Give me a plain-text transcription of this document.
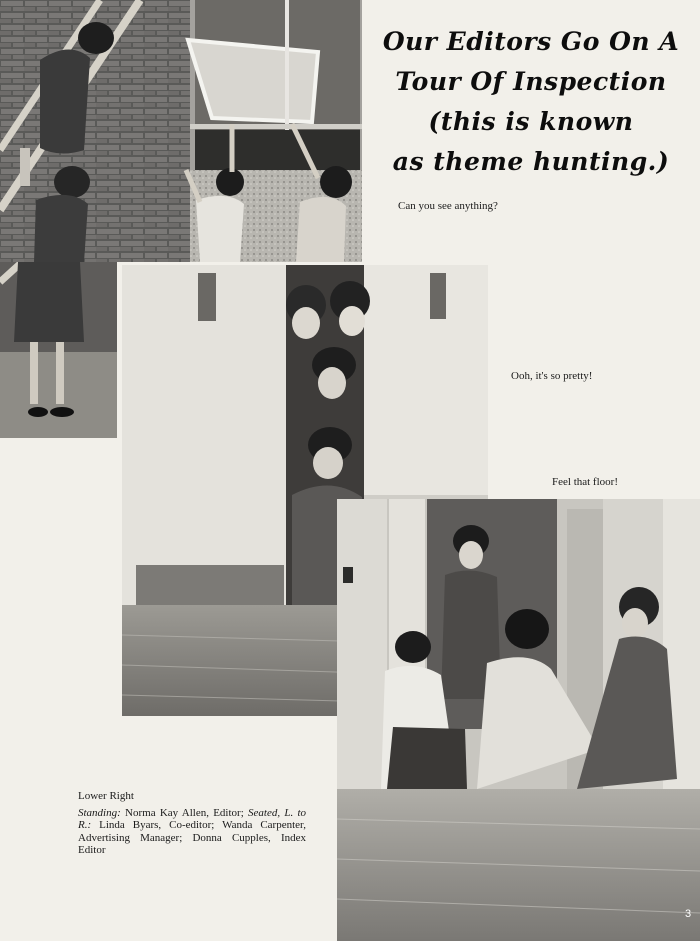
Our Editors Go On A
Tour Of Inspection
(this is known
as theme hunting.)
Can you see anything?
Ooh, it's so pretty!
Feel that floor!
Lower Right
Standing: Norma Kay Allen, Editor; Seated, L. to R.: Linda Byars, Co-editor; Wanda Carpenter, Advertising Manager; Donna Cupples, Index Editor
3
